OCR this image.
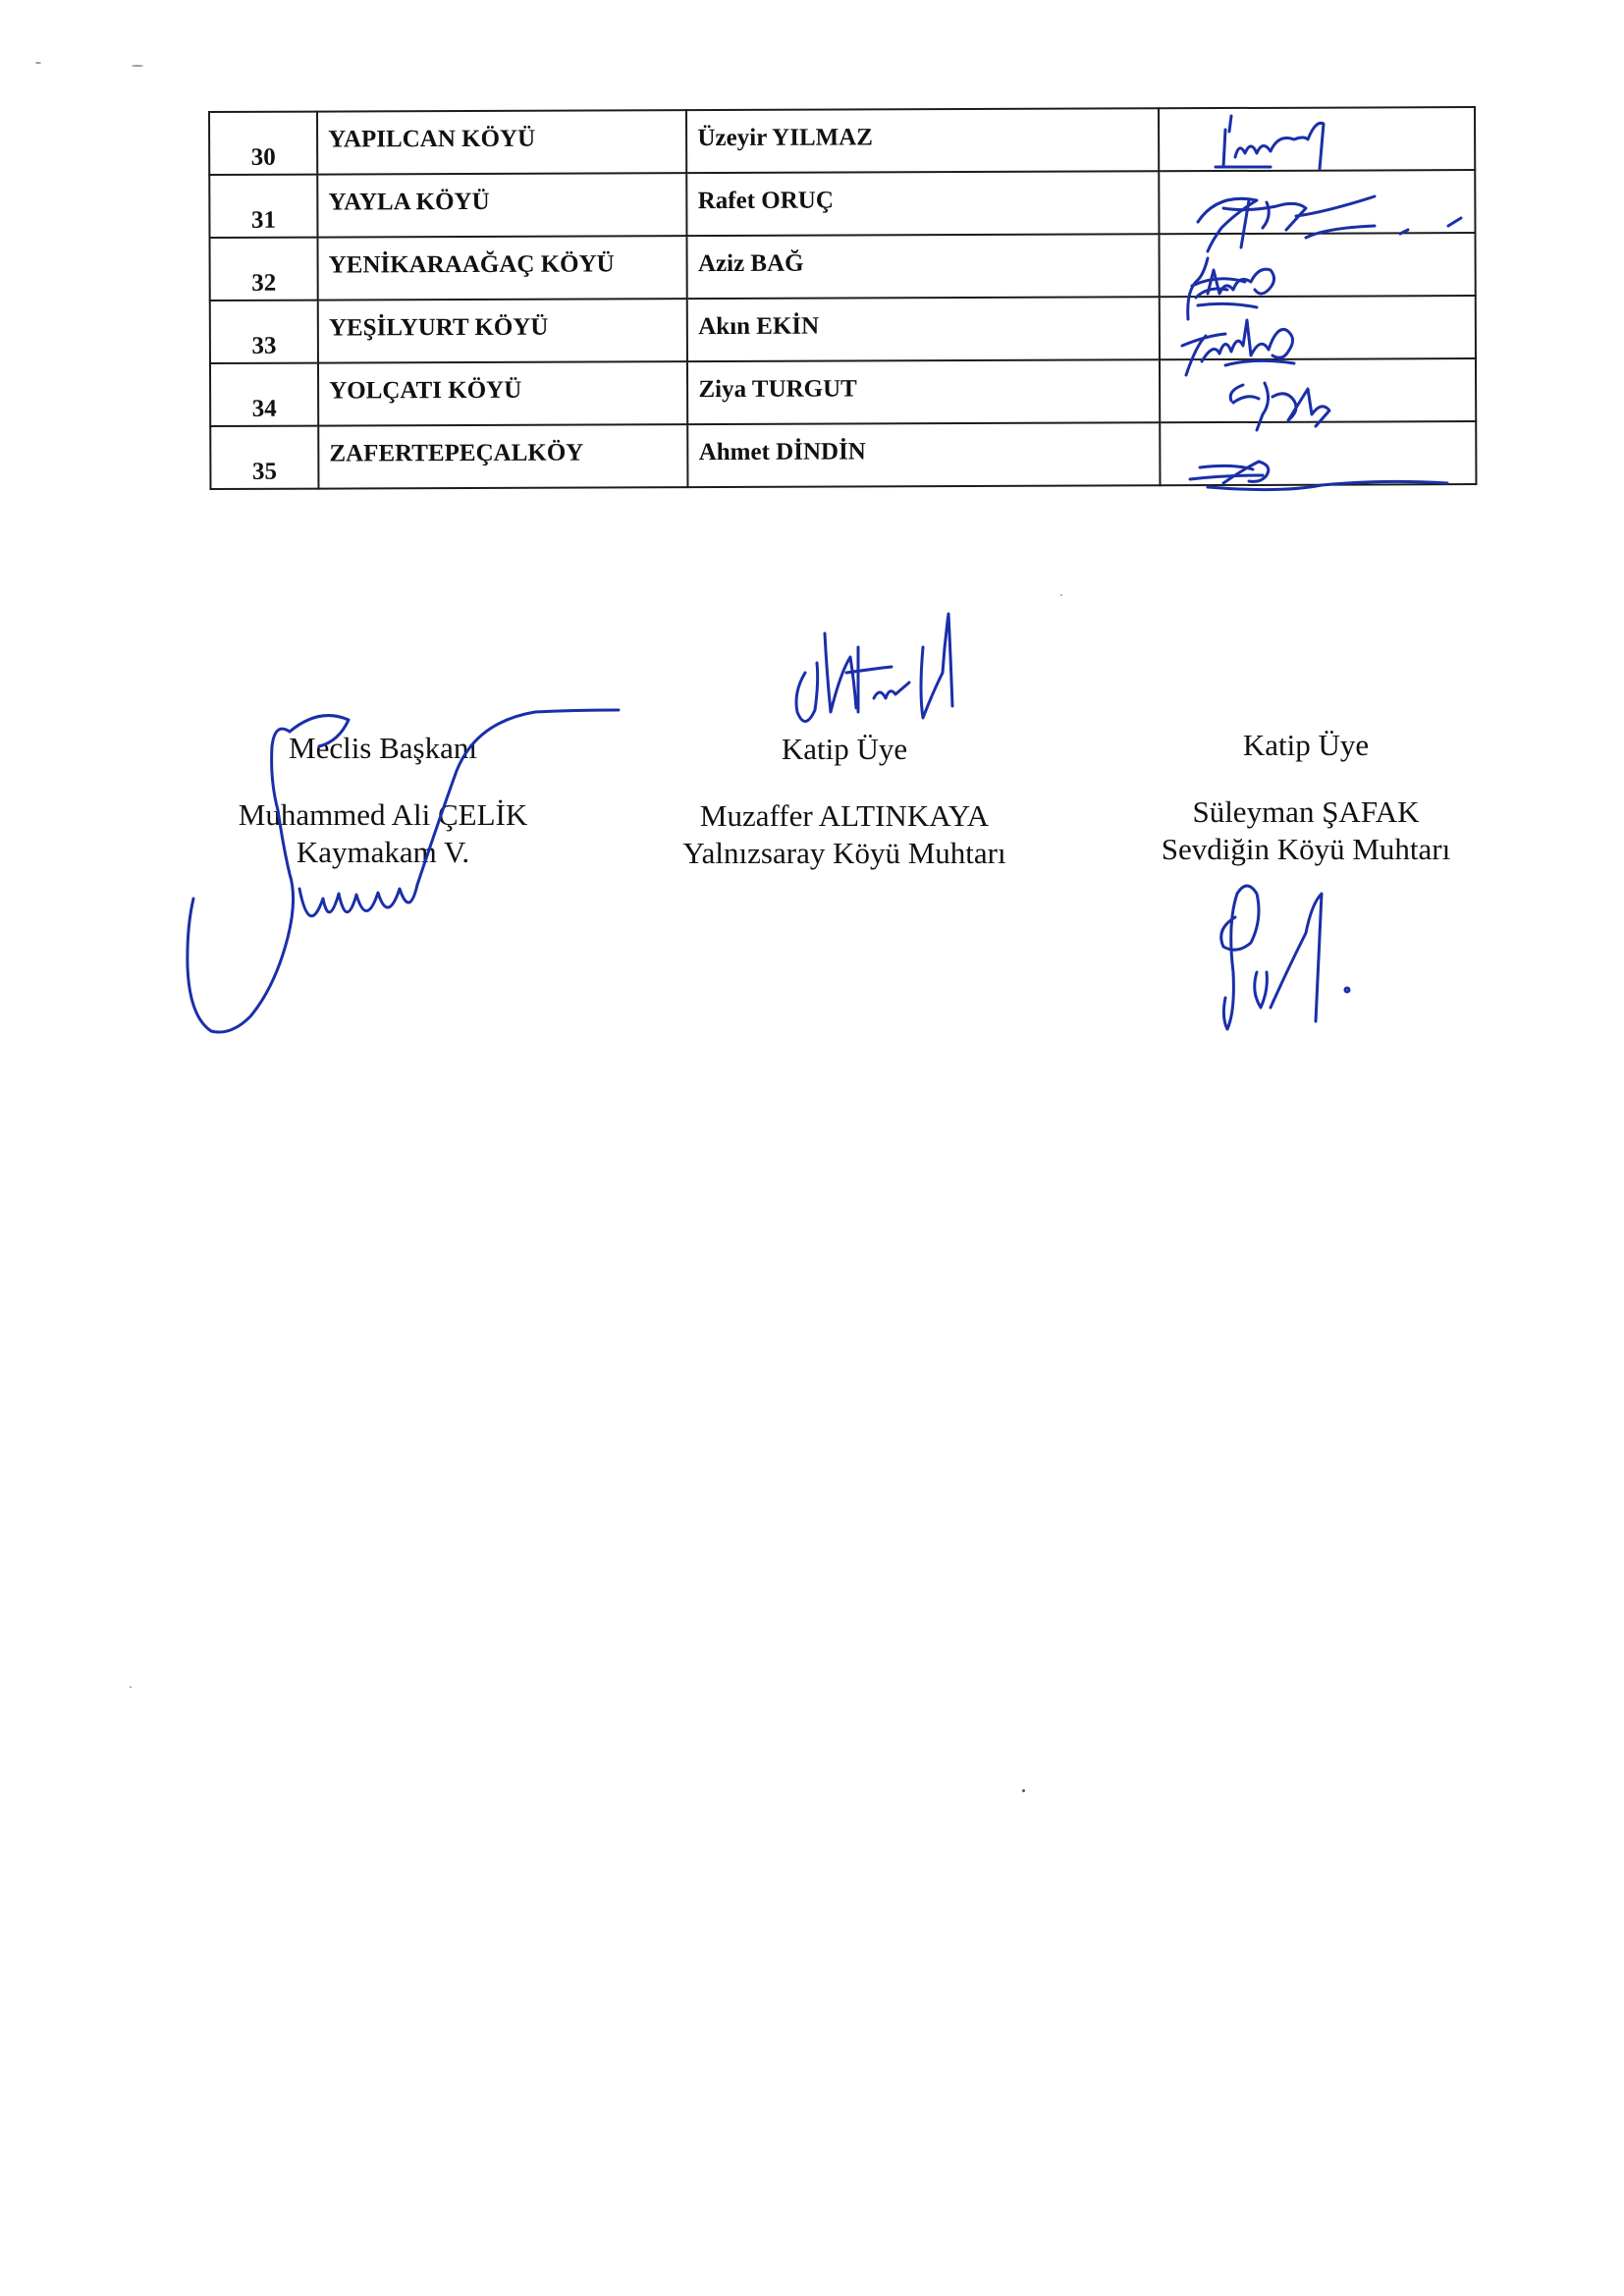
30	YAPILCAN KÖYÜ	Üzeyir YILMAZ	

31	YAYLA KÖYÜ	Rafet ORUÇ	

32	YENİKARAAĞAÇ KÖYÜ	Aziz BAĞ	

33	YEŞİLYURT KÖYÜ	Akın EKİN	

34	YOLÇATI KÖYÜ	Ziya TURGUT	

35	ZAFERTEPEÇALKÖY	Ahmet DİNDİN	

Meclis Başkanı
Muhammed Ali ÇELİK
Kaymakam V.
Katip Üye
Muzaffer ALTINKAYA
Yalnızsaray Köyü Muhtarı
Katip Üye
Süleyman ŞAFAK
Sevdiğin Köyü Muhtarı
